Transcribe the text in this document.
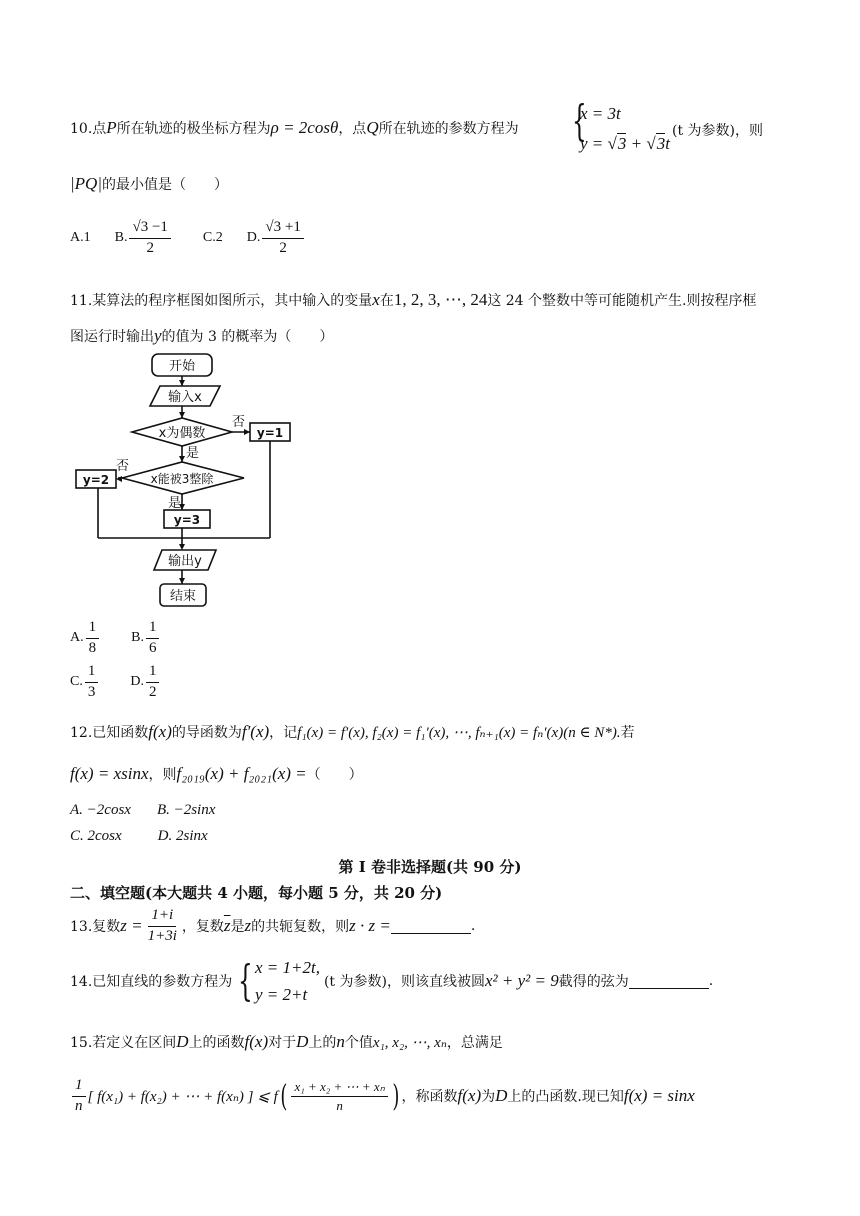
10.点P所在轨迹的极坐标方程为ρ = 2cosθ，点Q所在轨迹的参数方程为 {
x = 3t
y = √3 + √3t
(t 为参数)，则
|PQ|的最小值是（　　）
A.1 B. $\frac{√3 -1}{2} C.2$ D. $\frac{√3 +1}{2}$
11.某算法的程序框图如图所示，其中输入的变量x在1, 2, 3, ⋯, 24这 24 个整数中等可能随机产生.则按程序框
图运行时输出y的值为 3 的概率为（　　）
开始
输入x
x为偶数
否
y=1
是
否
x能被3整除
y=2
是
y=3
输出y
结束
A. $\frac{1}{8} B$. $\frac{1}{6}$
C. $\frac{1}{3} D$. $\frac{1}{2}$
12.已知函数f(x)的导函数为f′(x)，记f₁(x) = f′(x), f₂(x) = f₁′(x), ⋯, fₙ₊₁(x) = fₙ′(x)(n ∈ N*).若
f(x) = xsinx，则f₂₀₁₉(x) + f₂₀₂₁(x) =（　　）
A. −2cosx B. −2sinx
C. 2cosx D. 2sinx
第 I 卷非选择题(共 90 分)
二、填空题(本大题共 4 小题，每小题 5 分，共 20 分)
13.复数 $z = \frac{1+i}{1+3i}$ ，复数 $\overline{z}$ 是 z 的共轭复数，则 z · z =	.
14.已知直线的参数方程为 { x = 1+2t,
y = 2+t
(t 为参数)，则该直线被圆 x² + y² = 9 截得的弦为	.
15.若定义在区间D上的函数f(x)对于D上的n个值x₁, x₂, ⋯, xₙ，总满足
$\frac{1}{n}$ [ f(x₁) + f(x₂) + ⋯ + f(xₙ) ] ⩽ f ( $\frac{\text{x₁ + x₂ + ⋯ + xₙ}}{n}$ ) ，称函数 f(x) 为 D 上的凸函数.现已知 f(x) = sinx
